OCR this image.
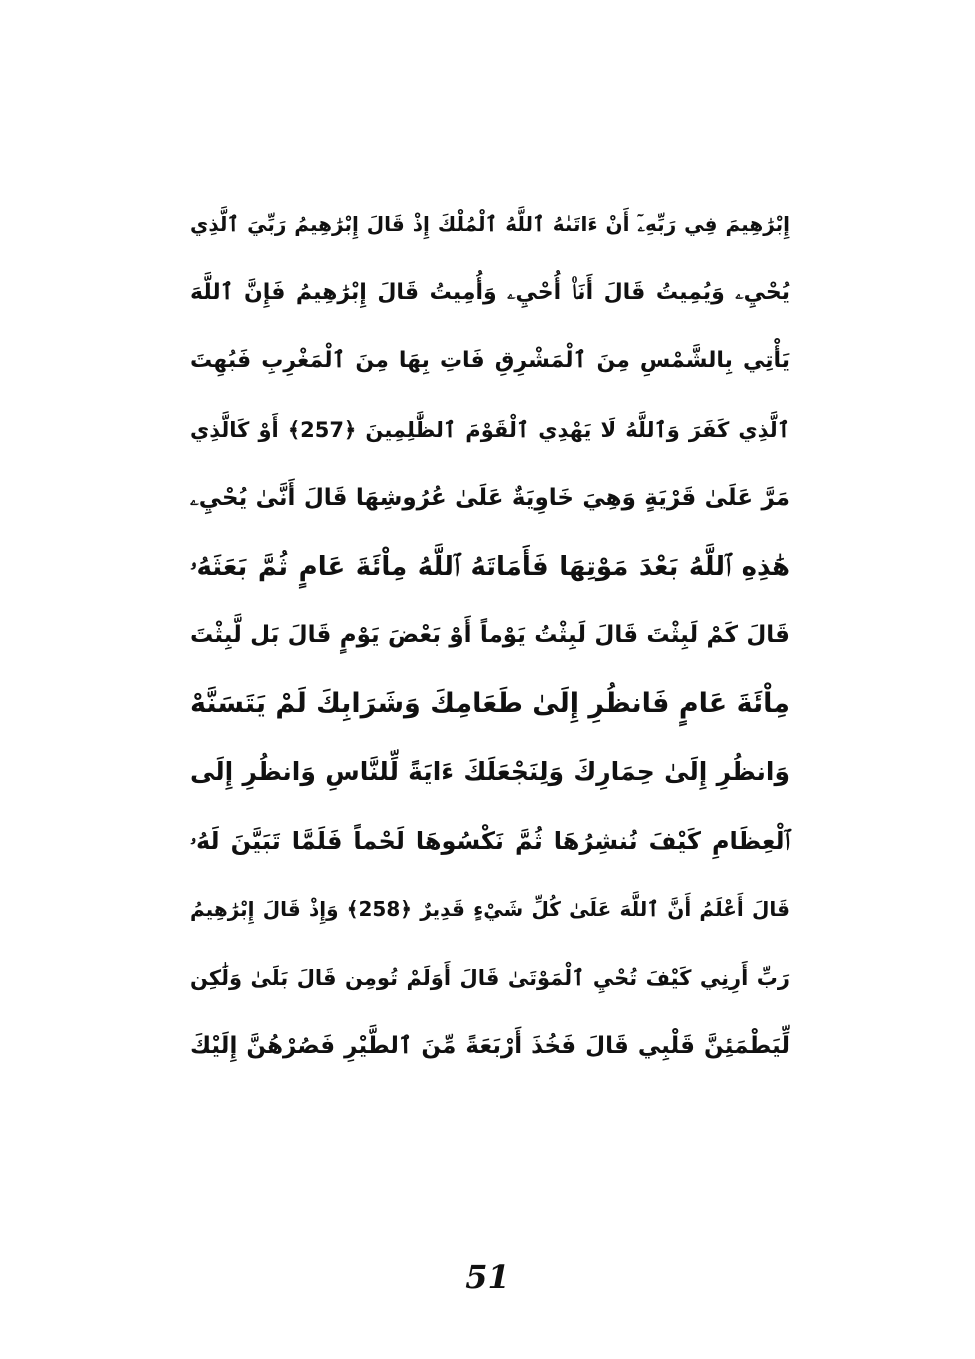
إِبْرَٰهِيمَ فِي رَبِّهِۦٓ أَنْ ءَاتَىٰهُ ٱللَّهُ ٱلْمُلْكَ إِذْ قَالَ إِبْرَٰهِيمُ رَبِّيَ ٱلَّذِي
يُحْيِۦ وَيُمِيتُ قَالَ أَنَا۠ أُحْيِۦ وَأُمِيتُ قَالَ إِبْرَٰهِيمُ فَإِنَّ ٱللَّهَ
يَأْتِي بِالشَّمْسِ مِنَ ٱلْمَشْرِقِ فَاتِ بِهَا مِنَ ٱلْمَغْرِبِ فَبُهِتَ
ٱلَّذِي كَفَرَ وَٱللَّهُ لَا يَهْدِي ٱلْقَوْمَ ٱلظَّٰلِمِينَ ﴿257﴾ أَوْ كَالَّذِي
مَرَّ عَلَىٰ قَرْيَةٍ وَهِيَ خَاوِيَةٌ عَلَىٰ عُرُوشِهَا قَالَ أَنَّىٰ يُحْيِۦ
هَٰذِهِ ٱللَّهُ بَعْدَ مَوْتِهَا فَأَمَاتَهُ ٱللَّهُ مِاْئَةَ عَامٍ ثُمَّ بَعَثَهُۥ
قَالَ كَمْ لَبِثْتَ قَالَ لَبِثْتُ يَوْماً أَوْ بَعْضَ يَوْمٍ قَالَ بَل لَّبِثْتَ
مِاْئَةَ عَامٍ فَانظُرِ إِلَىٰ طَعَامِكَ وَشَرَابِكَ لَمْ يَتَسَنَّهْ
وَانظُرِ إِلَىٰ حِمَارِكَ وَلِنَجْعَلَكَ ءَايَةً لِّلنَّاسِ وَانظُرِ إِلَى
ٱلْعِظَامِ كَيْفَ نُنشِرُهَا ثُمَّ نَكْسُوهَا لَحْماً فَلَمَّا تَبَيَّنَ لَهُۥ
قَالَ أَعْلَمُ أَنَّ ٱللَّهَ عَلَىٰ كُلِّ شَيْءٍ قَدِيرٌ ﴿258﴾ وَإِذْ قَالَ إِبْرَٰهِيمُ
رَبِّ أَرِنِي كَيْفَ تُحْيِ ٱلْمَوْتَىٰ قَالَ أَوَلَمْ تُومِن قَالَ بَلَىٰ وَلَٰكِن
لِّيَطْمَئِنَّ قَلْبِي قَالَ فَخُذَ أَرْبَعَةً مِّنَ ٱلطَّيْرِ فَصُرْهُنَّ إِلَيْكَ
51
